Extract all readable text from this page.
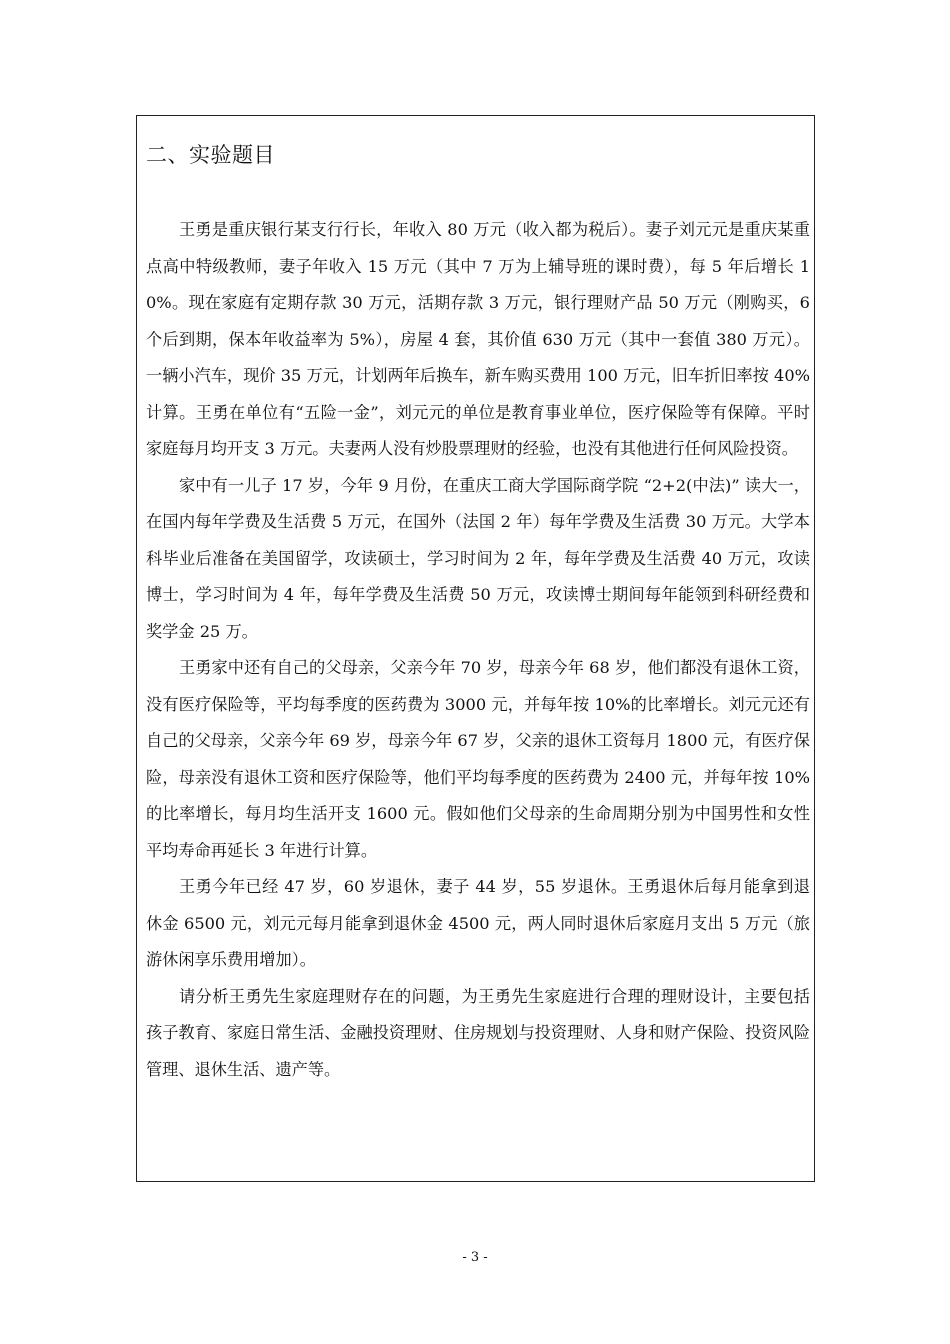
二、实验题目

王勇是重庆银行某支行行长，年收入 80 万元（收入都为税后）。妻子刘元元是重庆某重点高中特级教师，妻子年收入 15 万元（其中 7 万为上辅导班的课时费），每 5 年后增长 10%。现在家庭有定期存款 30 万元，活期存款 3 万元，银行理财产品 50 万元（刚购买，6 个后到期，保本年收益率为 5%），房屋 4 套，其价值 630 万元（其中一套值 380 万元）。一辆小汽车，现价 35 万元，计划两年后换车，新车购买费用 100 万元，旧车折旧率按 40%计算。王勇在单位有“五险一金”，刘元元的单位是教育事业单位，医疗保险等有保障。平时家庭每月均开支 3 万元。夫妻两人没有炒股票理财的经验，也没有其他进行任何风险投资。

家中有一儿子 17 岁，今年 9 月份，在重庆工商大学国际商学院 “2+2(中法)” 读大一，在国内每年学费及生活费 5 万元，在国外（法国 2 年）每年学费及生活费 30 万元。大学本科毕业后准备在美国留学，攻读硕士，学习时间为 2 年，每年学费及生活费 40 万元，攻读博士，学习时间为 4 年，每年学费及生活费 50 万元，攻读博士期间每年能领到科研经费和奖学金 25 万。

王勇家中还有自己的父母亲，父亲今年 70 岁，母亲今年 68 岁，他们都没有退休工资，没有医疗保险等，平均每季度的医药费为 3000 元，并每年按 10%的比率增长。刘元元还有自己的父母亲，父亲今年 69 岁，母亲今年 67 岁，父亲的退休工资每月 1800 元，有医疗保险，母亲没有退休工资和医疗保险等，他们平均每季度的医药费为 2400 元，并每年按 10%的比率增长，每月均生活开支 1600 元。假如他们父母亲的生命周期分别为中国男性和女性平均寿命再延长 3 年进行计算。

王勇今年已经 47 岁，60 岁退休，妻子 44 岁，55 岁退休。王勇退休后每月能拿到退休金 6500 元，刘元元每月能拿到退休金 4500 元，两人同时退休后家庭月支出 5 万元（旅游休闲享乐费用增加）。

请分析王勇先生家庭理财存在的问题，为王勇先生家庭进行合理的理财设计，主要包括孩子教育、家庭日常生活、金融投资理财、住房规划与投资理财、人身和财产保险、投资风险管理、退休生活、遗产等。

- 3 -
